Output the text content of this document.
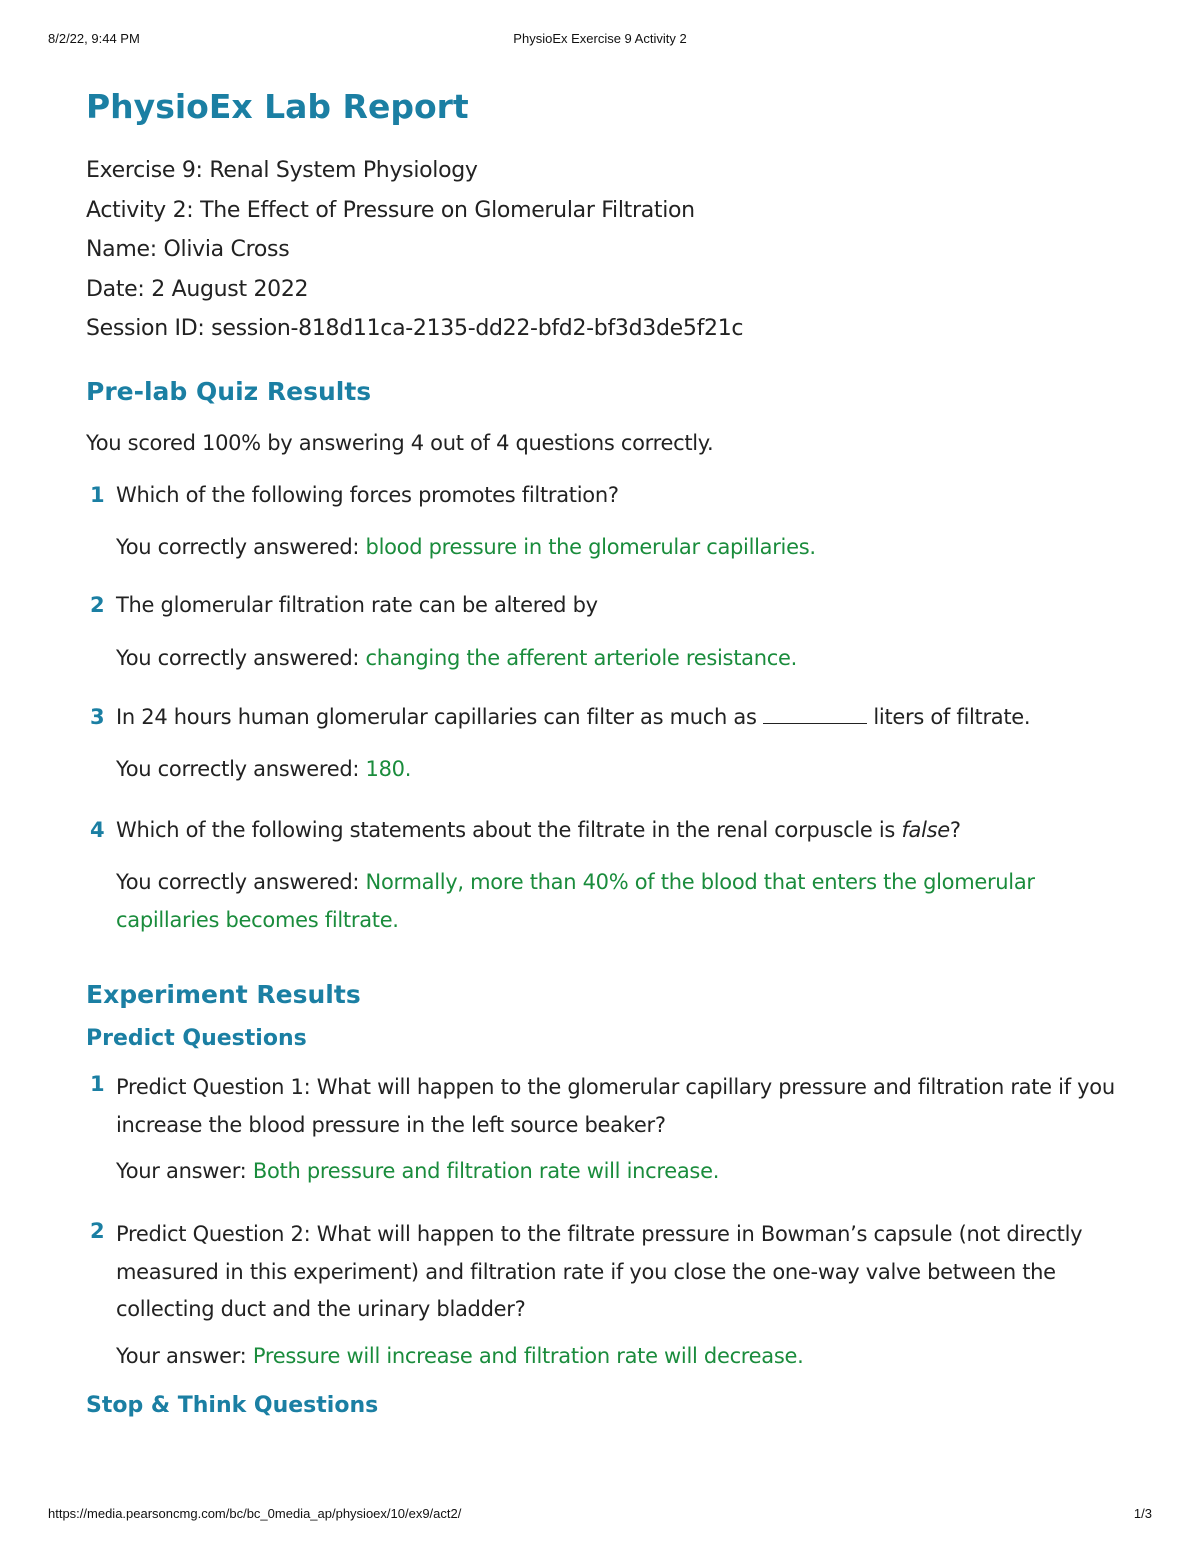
8/2/22, 9:44 PM	PhysioEx Exercise 9 Activity 2
PhysioEx Lab Report
Exercise 9: Renal System Physiology
Activity 2: The Effect of Pressure on Glomerular Filtration
Name: Olivia Cross
Date: 2 August 2022
Session ID: session-818d11ca-2135-dd22-bfd2-bf3d3de5f21c
Pre-lab Quiz Results
You scored 100% by answering 4 out of 4 questions correctly.
1 Which of the following forces promotes filtration?
You correctly answered: blood pressure in the glomerular capillaries.
2 The glomerular filtration rate can be altered by
You correctly answered: changing the afferent arteriole resistance.
3 In 24 hours human glomerular capillaries can filter as much as	liters of filtrate.
You correctly answered: 180.
4 Which of the following statements about the filtrate in the renal corpuscle is false?
You correctly answered: Normally, more than 40% of the blood that enters the glomerular capillaries becomes filtrate.
Experiment Results
Predict Questions
1 Predict Question 1: What will happen to the glomerular capillary pressure and filtration rate if you increase the blood pressure in the left source beaker?
Your answer: Both pressure and filtration rate will increase.
2 Predict Question 2: What will happen to the filtrate pressure in Bowman’s capsule (not directly measured in this experiment) and filtration rate if you close the one-way valve between the collecting duct and the urinary bladder?
Your answer: Pressure will increase and filtration rate will decrease.
Stop & Think Questions
https://media.pearsoncmg.com/bc/bc_0media_ap/physioex/10/ex9/act2/	1/3
